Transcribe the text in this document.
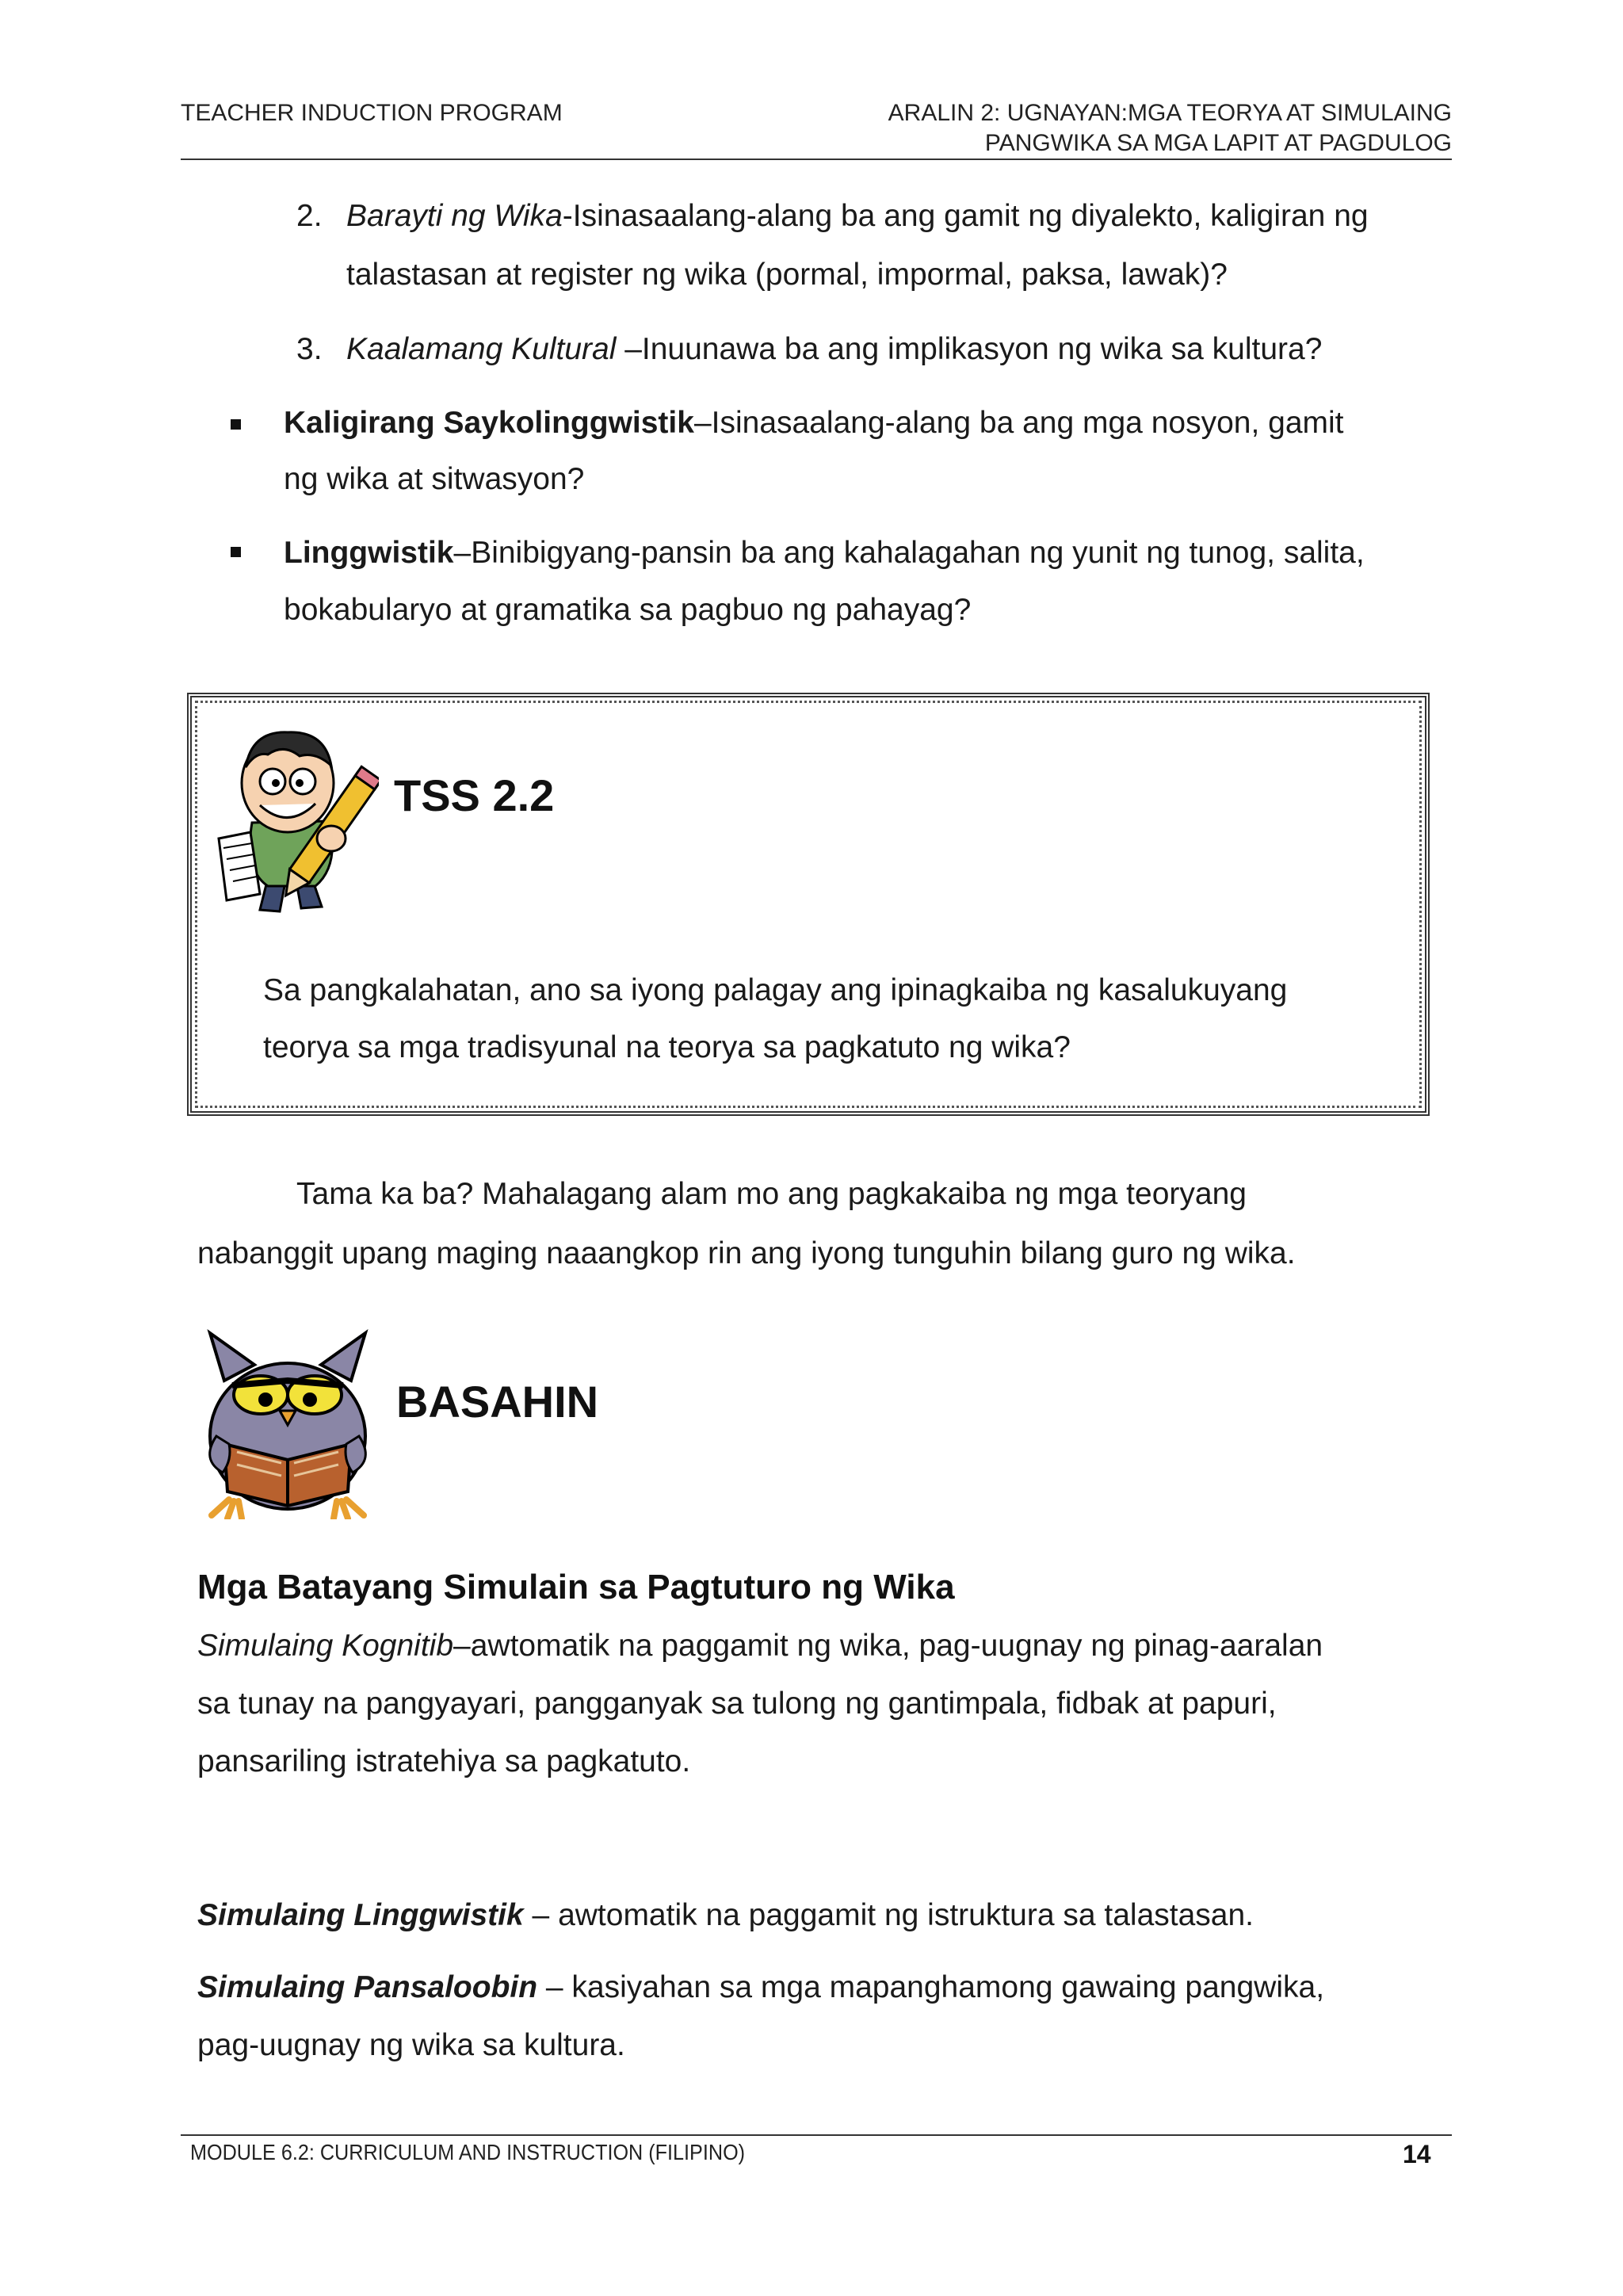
TEACHER INDUCTION PROGRAM	ARALIN 2: UGNAYAN:MGA TEORYA AT SIMULAING
PANGWIKA SA MGA LAPIT AT PAGDULOG
2. Barayti ng Wika-Isinasaalang-alang ba ang gamit ng diyalekto, kaligiran ng
talastasan at register ng wika (pormal, impormal, paksa, lawak)?
3. Kaalamang Kultural –Inuunawa ba ang implikasyon ng wika sa kultura?
Kaligirang Saykolinggwistik–Isinasaalang-alang ba ang mga nosyon, gamit
ng wika at sitwasyon?
Linggwistik–Binibigyang-pansin ba ang kahalagahan ng yunit ng tunog, salita,
bokabularyo at gramatika sa pagbuo ng pahayag?
TSS 2.2
Sa pangkalahatan, ano sa iyong palagay ang ipinagkaiba ng kasalukuyang
teorya sa mga tradisyunal na teorya sa pagkatuto ng wika?
Tama ka ba? Mahalagang alam mo ang pagkakaiba ng mga teoryang
nabanggit upang maging naaangkop rin ang iyong tunguhin bilang guro ng wika.
BASAHIN
Mga Batayang Simulain sa Pagtuturo ng Wika
Simulaing Kognitib–awtomatik na paggamit ng wika, pag-uugnay ng pinag-aaralan
sa tunay na pangyayari, pangganyak sa tulong ng gantimpala, fidbak at papuri,
pansariling istratehiya sa pagkatuto.
Simulaing Linggwistik – awtomatik na paggamit ng istruktura sa talastasan.
Simulaing Pansaloobin – kasiyahan sa mga mapanghamong gawaing pangwika,
pag-uugnay ng wika sa kultura.
MODULE 6.2: CURRICULUM AND INSTRUCTION (FILIPINO)	14
